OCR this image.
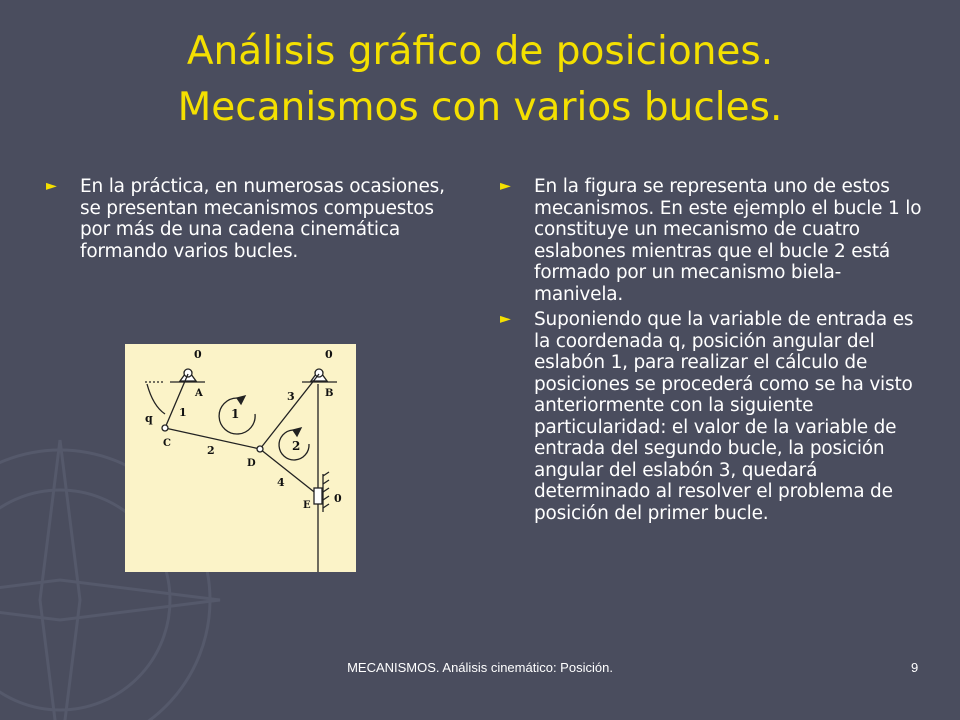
Análisis gráfico de posiciones.
Mecanismos con varios bucles.
► En la práctica, en numerosas ocasiones, se presentan mecanismos compuestos por más de una cadena cinemática formando varios bucles.
0	0
A	B
C
D
E
q 1
2
3
4
1
2
0
► En la figura se representa uno de estos mecanismos. En este ejemplo el bucle 1 lo constituye un mecanismo de cuatro eslabones mientras que el bucle 2 está formado por un mecanismo biela-manivela.
► Suponiendo que la variable de entrada es la coordenada q, posición angular del eslabón 1, para realizar el cálculo de posiciones se procederá como se ha visto anteriormente con la siguiente particularidad: el valor de la variable de entrada del segundo bucle, la posición angular del eslabón 3, quedará determinado al resolver el problema de posición del primer bucle.
MECANISMOS. Análisis cinemático: Posición.	9
